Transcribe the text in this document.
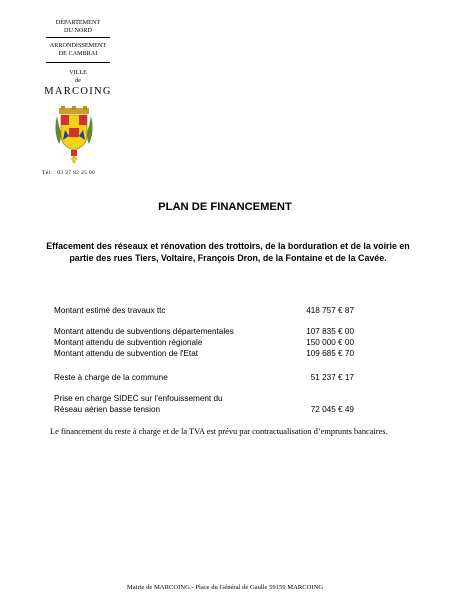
DÉPARTEMENT
DU NORD
ARRONDISSEMENT
DE CAMBRAI
VILLE
de
MARCOING
Tél. : 03 27 82 25 00
PLAN DE FINANCEMENT
Effacement des réseaux et rénovation des trottoirs, de la borduration et de la voirie en partie des rues Tiers, Voltaire, François Dron, de la Fontaine et de la Cavée.
Montant estimé des travaux ttc	418 757 € 87
Montant attendu de subventions départementales	107 835 € 00
Montant attendu de subvention régionale	150 000 € 00
Montant attendu de subvention de l'Etat	109 685 € 70
Reste à charge de la commune	51 237 € 17
Prise en charge SIDEC sur l'enfouissement du
Réseau aérien basse tension	72 045 € 49
Le financement du reste à charge et de la TVA est prévu par contractualisation d’emprunts bancaires.
Mairie de MARCOING - Place du Général de Gaulle 59159 MARCOING
